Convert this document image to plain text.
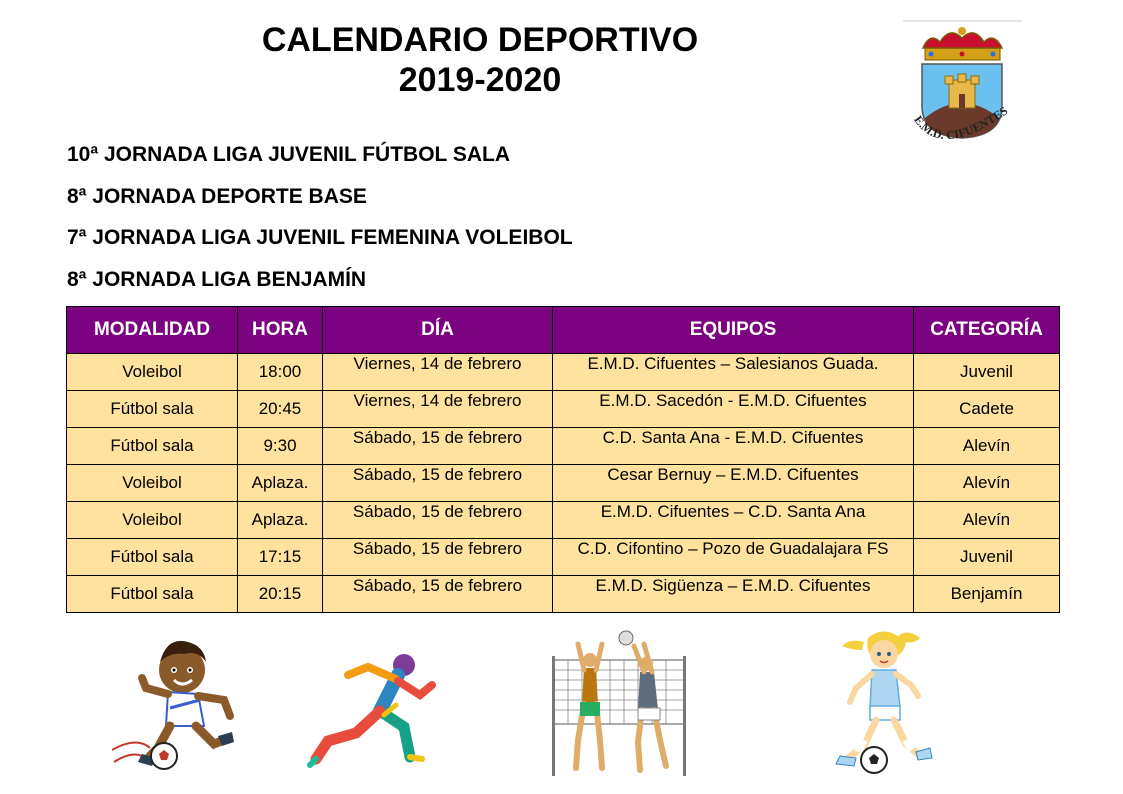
CALENDARIO DEPORTIVO
2019-2020
E.M.D. CIFUENTES
10ª JORNADA LIGA JUVENIL FÚTBOL SALA
8ª JORNADA DEPORTE BASE
7ª JORNADA LIGA JUVENIL FEMENINA VOLEIBOL
8ª JORNADA LIGA BENJAMÍN
MODALIDAD	HORA	DÍA	EQUIPOS	CATEGORÍA
Voleibol	18:00	Viernes, 14 de febrero	E.M.D. Cifuentes – Salesianos Guada.	Juvenil
Fútbol sala	20:45	Viernes, 14 de febrero	E.M.D. Sacedón - E.M.D. Cifuentes	Cadete
Fútbol sala	9:30	Sábado, 15 de febrero	C.D. Santa Ana - E.M.D. Cifuentes	Alevín
Voleibol	Aplaza.	Sábado, 15 de febrero	Cesar Bernuy – E.M.D. Cifuentes	Alevín
Voleibol	Aplaza.	Sábado, 15 de febrero	E.M.D. Cifuentes – C.D. Santa Ana	Alevín
Fútbol sala	17:15	Sábado, 15 de febrero	C.D. Cifontino – Pozo de Guadalajara FS	Juvenil
Fútbol sala	20:15	Sábado, 15 de febrero	E.M.D. Sigüenza – E.M.D. Cifuentes	Benjamín
